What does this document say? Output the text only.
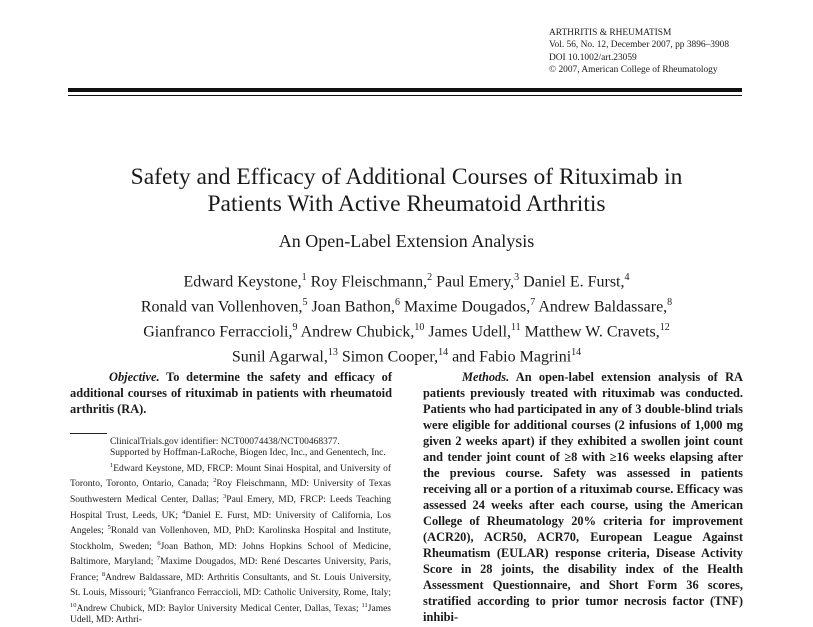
ARTHRITIS & RHEUMATISM
Vol. 56, No. 12, December 2007, pp 3896–3908
DOI 10.1002/art.23059
© 2007, American College of Rheumatology
Safety and Efficacy of Additional Courses of Rituximab in
Patients With Active Rheumatoid Arthritis
An Open-Label Extension Analysis
Edward Keystone,$^1$ Roy Fleischmann,$^2$ Paul Emery,$^3$ Daniel E. Furst,$^4$
Ronald van Vollenhoven,$^5$ Joan Bathon,$^6$ Maxime Dougados,$^7$ Andrew Baldassare,$^8$
Gianfranco Ferraccioli,$^9$ Andrew Chubick,$^{10}$ James Udell,$^{11}$ Matthew W. Cravets,$^{12}$
Sunil Agarwal,$^{13}$ Simon Cooper,$^{14}$ and Fabio Magrini$^{14}$

Objective. To determine the safety and efficacy of additional courses of rituximab in patients with rheumatoid arthritis (RA).

ClinicalTrials.gov identifier: NCT00074438/NCT00468377.

Supported by Hoffman-LaRoche, Biogen Idec, Inc., and Genentech, Inc.

$^1$Edward Keystone, MD, FRCP: Mount Sinai Hospital, and University of Toronto, Toronto, Ontario, Canada; $^2$Roy Fleischmann, MD: University of Texas Southwestern Medical Center, Dallas; $^3$Paul Emery, MD, FRCP: Leeds Teaching Hospital Trust, Leeds, UK; $^4$Daniel E. Furst, MD: University of California, Los Angeles; $^5$Ronald van Vollenhoven, MD, PhD: Karolinska Hospital and Institute, Stockholm, Sweden; $^6$Joan Bathon, MD: Johns Hopkins School of Medicine, Baltimore, Maryland; $^7$Maxime Dougados, MD: René Descartes University, Paris, France; $^8$Andrew Baldassare, MD: Arthritis Consultants, and St. Louis University, St. Louis, Missouri; $^9$Gianfranco Ferraccioli, MD: Catholic University, Rome, Italy; $^{10}$Andrew Chubick, MD: Baylor University Medical Center, Dallas, Texas; $^{11}$James Udell, MD: Arthri-

Methods. An open-label extension analysis of RA patients previously treated with rituximab was conducted. Patients who had participated in any of 3 double-blind trials were eligible for additional courses (2 infusions of 1,000 mg given 2 weeks apart) if they exhibited a swollen joint count and tender joint count of ≥8 with ≥16 weeks elapsing after the previous course. Safety was assessed in patients receiving all or a portion of a rituximab course. Efficacy was assessed 24 weeks after each course, using the American College of Rheumatology 20% criteria for improvement (ACR20), ACR50, ACR70, European League Against Rheumatism (EULAR) response criteria, Disease Activity Score in 28 joints, the disability index of the Health Assessment Questionnaire, and Short Form 36 scores, stratified according to prior tumor necrosis factor (TNF) inhibi-
